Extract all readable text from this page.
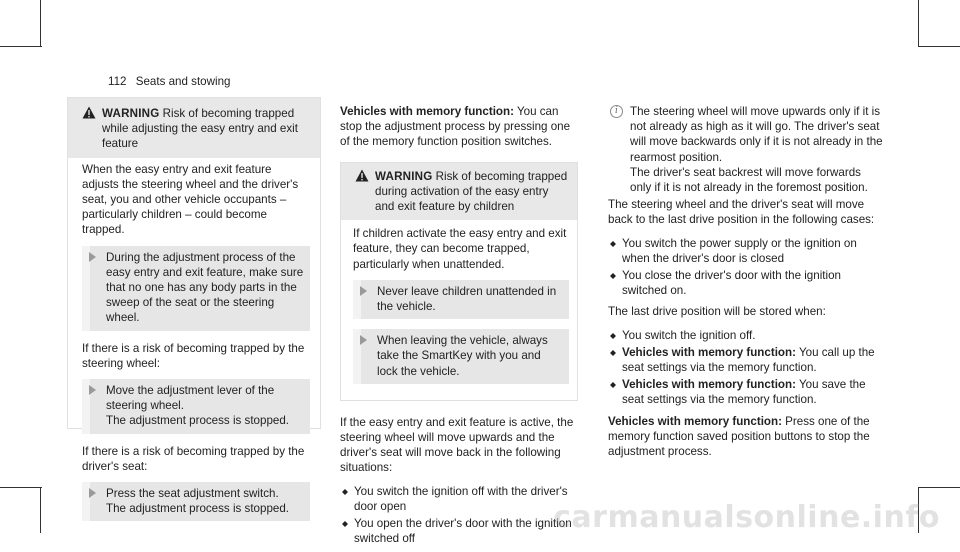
112 Seats and stowing
WARNING Risk of becoming trapped while adjusting the easy entry and exit feature

When the easy entry and exit feature adjusts the steering wheel and the driver's seat, you and other vehicle occupants – particularly children – could become trapped.

During the adjustment process of the easy entry and exit feature, make sure that no one has any body parts in the sweep of the seat or the steering wheel.

If there is a risk of becoming trapped by the steering wheel:

Move the adjustment lever of the steering wheel.
The adjustment process is stopped.

If there is a risk of becoming trapped by the driver's seat:

Press the seat adjustment switch.
The adjustment process is stopped.

Vehicles with memory function: You can stop the adjustment process by pressing one of the memory function position switches.

WARNING Risk of becoming trapped during activation of the easy entry and exit feature by children

If children activate the easy entry and exit feature, they can become trapped, particularly when unattended.

Never leave children unattended in the vehicle.
When leaving the vehicle, always take the SmartKey with you and lock the vehicle.

If the easy entry and exit feature is active, the steering wheel will move upwards and the driver's seat will move back in the following situations:

You switch the ignition off with the driver's door open
You open the driver's door with the ignition switched off
i	The steering wheel will move upwards only if it is not already as high as it will go. The driver's seat will move backwards only if it is not already in the rearmost position.
The driver's seat backrest will move forwards only if it is not already in the foremost position.

The steering wheel and the driver's seat will move back to the last drive position in the following cases:

You switch the power supply or the ignition on when the driver's door is closed
You close the driver's door with the ignition switched on.

The last drive position will be stored when:

You switch the ignition off.
Vehicles with memory function: You call up the seat settings via the memory function.
Vehicles with memory function: You save the seat settings via the memory function.

Vehicles with memory function: Press one of the memory function saved position buttons to stop the adjustment process.

carmanualsonline.info
